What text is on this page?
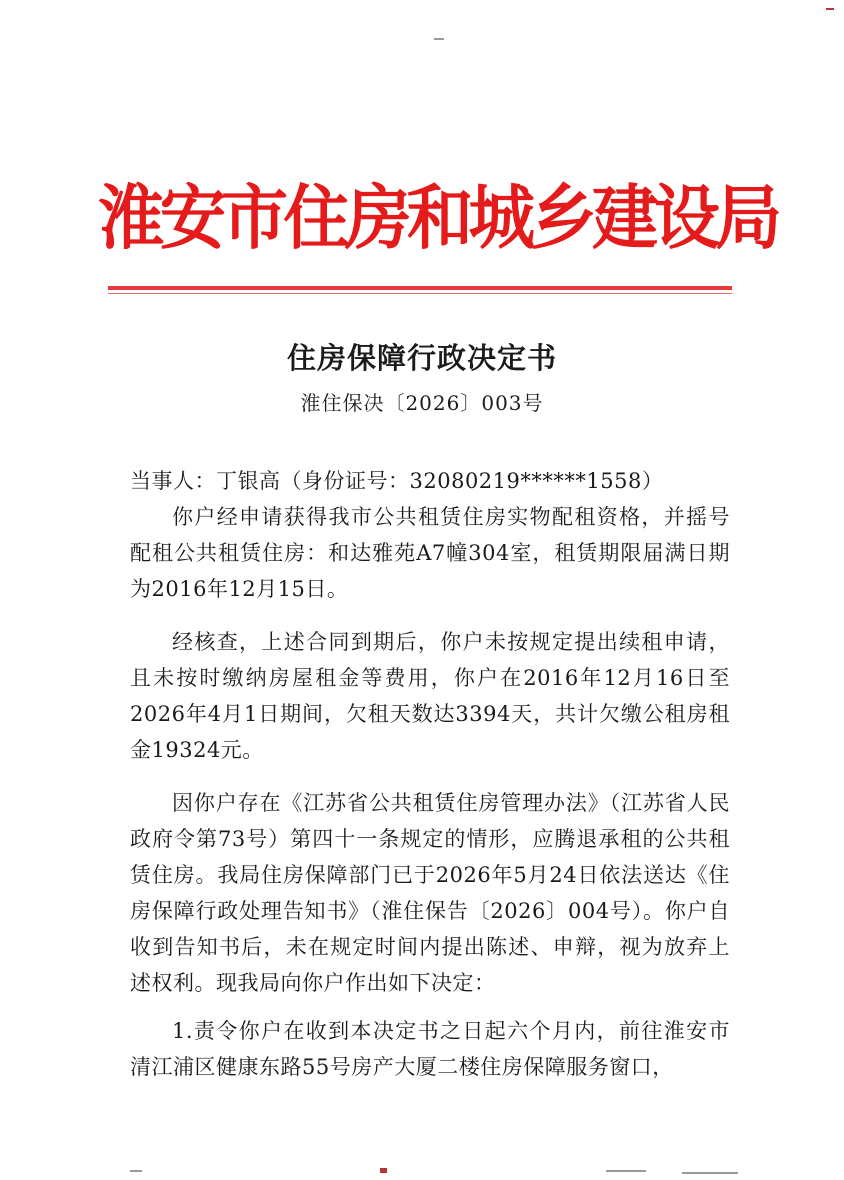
淮安市住房和城乡建设局
住房保障行政决定书
淮住保决〔2026〕003号

当事人：丁银高（身份证号：32080219******1558）

你户经申请获得我市公共租赁住房实物配租资格，并摇号配租公共租赁住房：和达雅苑A7幢304室，租赁期限届满日期为2016年12月15日。

经核查，上述合同到期后，你户未按规定提出续租申请，且未按时缴纳房屋租金等费用，你户在2016年12月16日至2026年4月1日期间，欠租天数达3394天，共计欠缴公租房租金19324元。

因你户存在《江苏省公共租赁住房管理办法》（江苏省人民政府令第73号）第四十一条规定的情形，应腾退承租的公共租赁住房。我局住房保障部门已于2026年5月24日依法送达《住房保障行政处理告知书》（淮住保告〔2026〕004号）。你户自收到告知书后，未在规定时间内提出陈述、申辩，视为放弃上述权利。现我局向你户作出如下决定：

1.责令你户在收到本决定书之日起六个月内，前往淮安市清江浦区健康东路55号房产大厦二楼住房保障服务窗口，
